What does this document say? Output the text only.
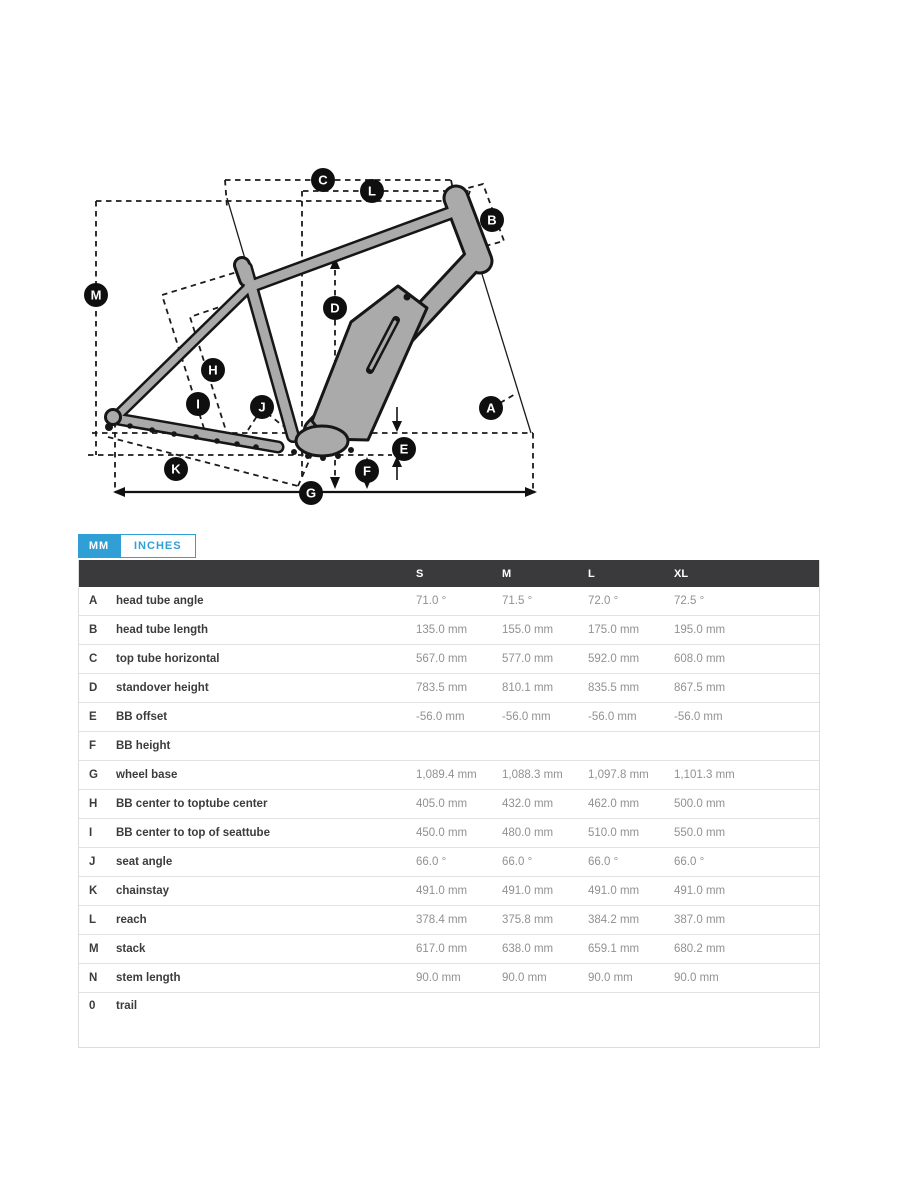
A
B
C
D
E
F
G
H
I	J
K
L
M
MM	INCHES
S	M	L	XL
A	head tube angle	71.0 °	71.5 °	72.0 °	72.5 °
B	head tube length	135.0 mm	155.0 mm	175.0 mm	195.0 mm
C	top tube horizontal	567.0 mm	577.0 mm	592.0 mm	608.0 mm
D	standover height	783.5 mm	810.1 mm	835.5 mm	867.5 mm
E	BB offset	-56.0 mm	-56.0 mm	-56.0 mm	-56.0 mm
F	BB height
G	wheel base	1,089.4 mm	1,088.3 mm	1,097.8 mm	1,101.3 mm
H	BB center to toptube center	405.0 mm	432.0 mm	462.0 mm	500.0 mm
I	BB center to top of seattube	450.0 mm	480.0 mm	510.0 mm	550.0 mm
J	seat angle	66.0 °	66.0 °	66.0 °	66.0 °
K	chainstay	491.0 mm	491.0 mm	491.0 mm	491.0 mm
L	reach	378.4 mm	375.8 mm	384.2 mm	387.0 mm
M	stack	617.0 mm	638.0 mm	659.1 mm	680.2 mm
N	stem length	90.0 mm	90.0 mm	90.0 mm	90.0 mm
0	trail
